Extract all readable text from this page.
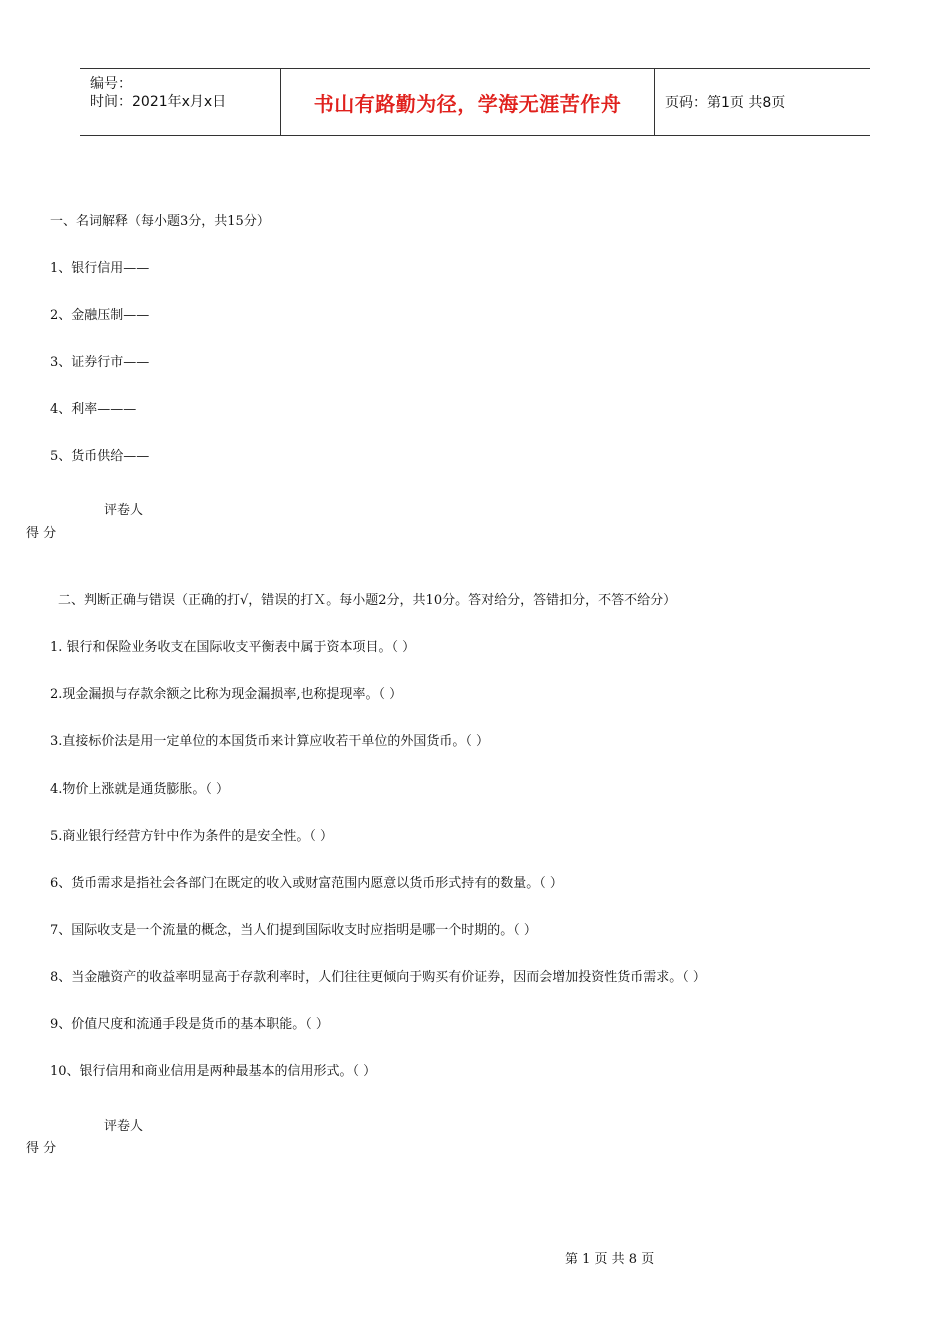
编号：
时间：2021年x月x日	书山有路勤为径，学海无涯苦作舟	页码：第1页 共8页
一、名词解释（每小题3分，共15分）
1、银行信用——
2、金融压制——
3、证券行市——
4、利率———
5、货币供给——
评卷人
得 分
二、判断正确与错误（正确的打√，错误的打Ｘ。每小题2分，共10分。答对给分，答错扣分，不答不给分）
1. 银行和保险业务收支在国际收支平衡表中属于资本项目。（ ）
2.现金漏损与存款余额之比称为现金漏损率,也称提现率。（ ）
3.直接标价法是用一定单位的本国货币来计算应收若干单位的外国货币。（ ）
4.物价上涨就是通货膨胀。（ ）
5.商业银行经营方针中作为条件的是安全性。（ ）
6、货币需求是指社会各部门在既定的收入或财富范围内愿意以货币形式持有的数量。（ ）
7、国际收支是一个流量的概念，当人们提到国际收支时应指明是哪一个时期的。（ ）
8、当金融资产的收益率明显高于存款利率时，人们往往更倾向于购买有价证券，因而会增加投资性货币需求。（ ）
9、价值尺度和流通手段是货币的基本职能。（ ）
10、银行信用和商业信用是两种最基本的信用形式。（ ）
评卷人
得 分
第 1 页 共 8 页
